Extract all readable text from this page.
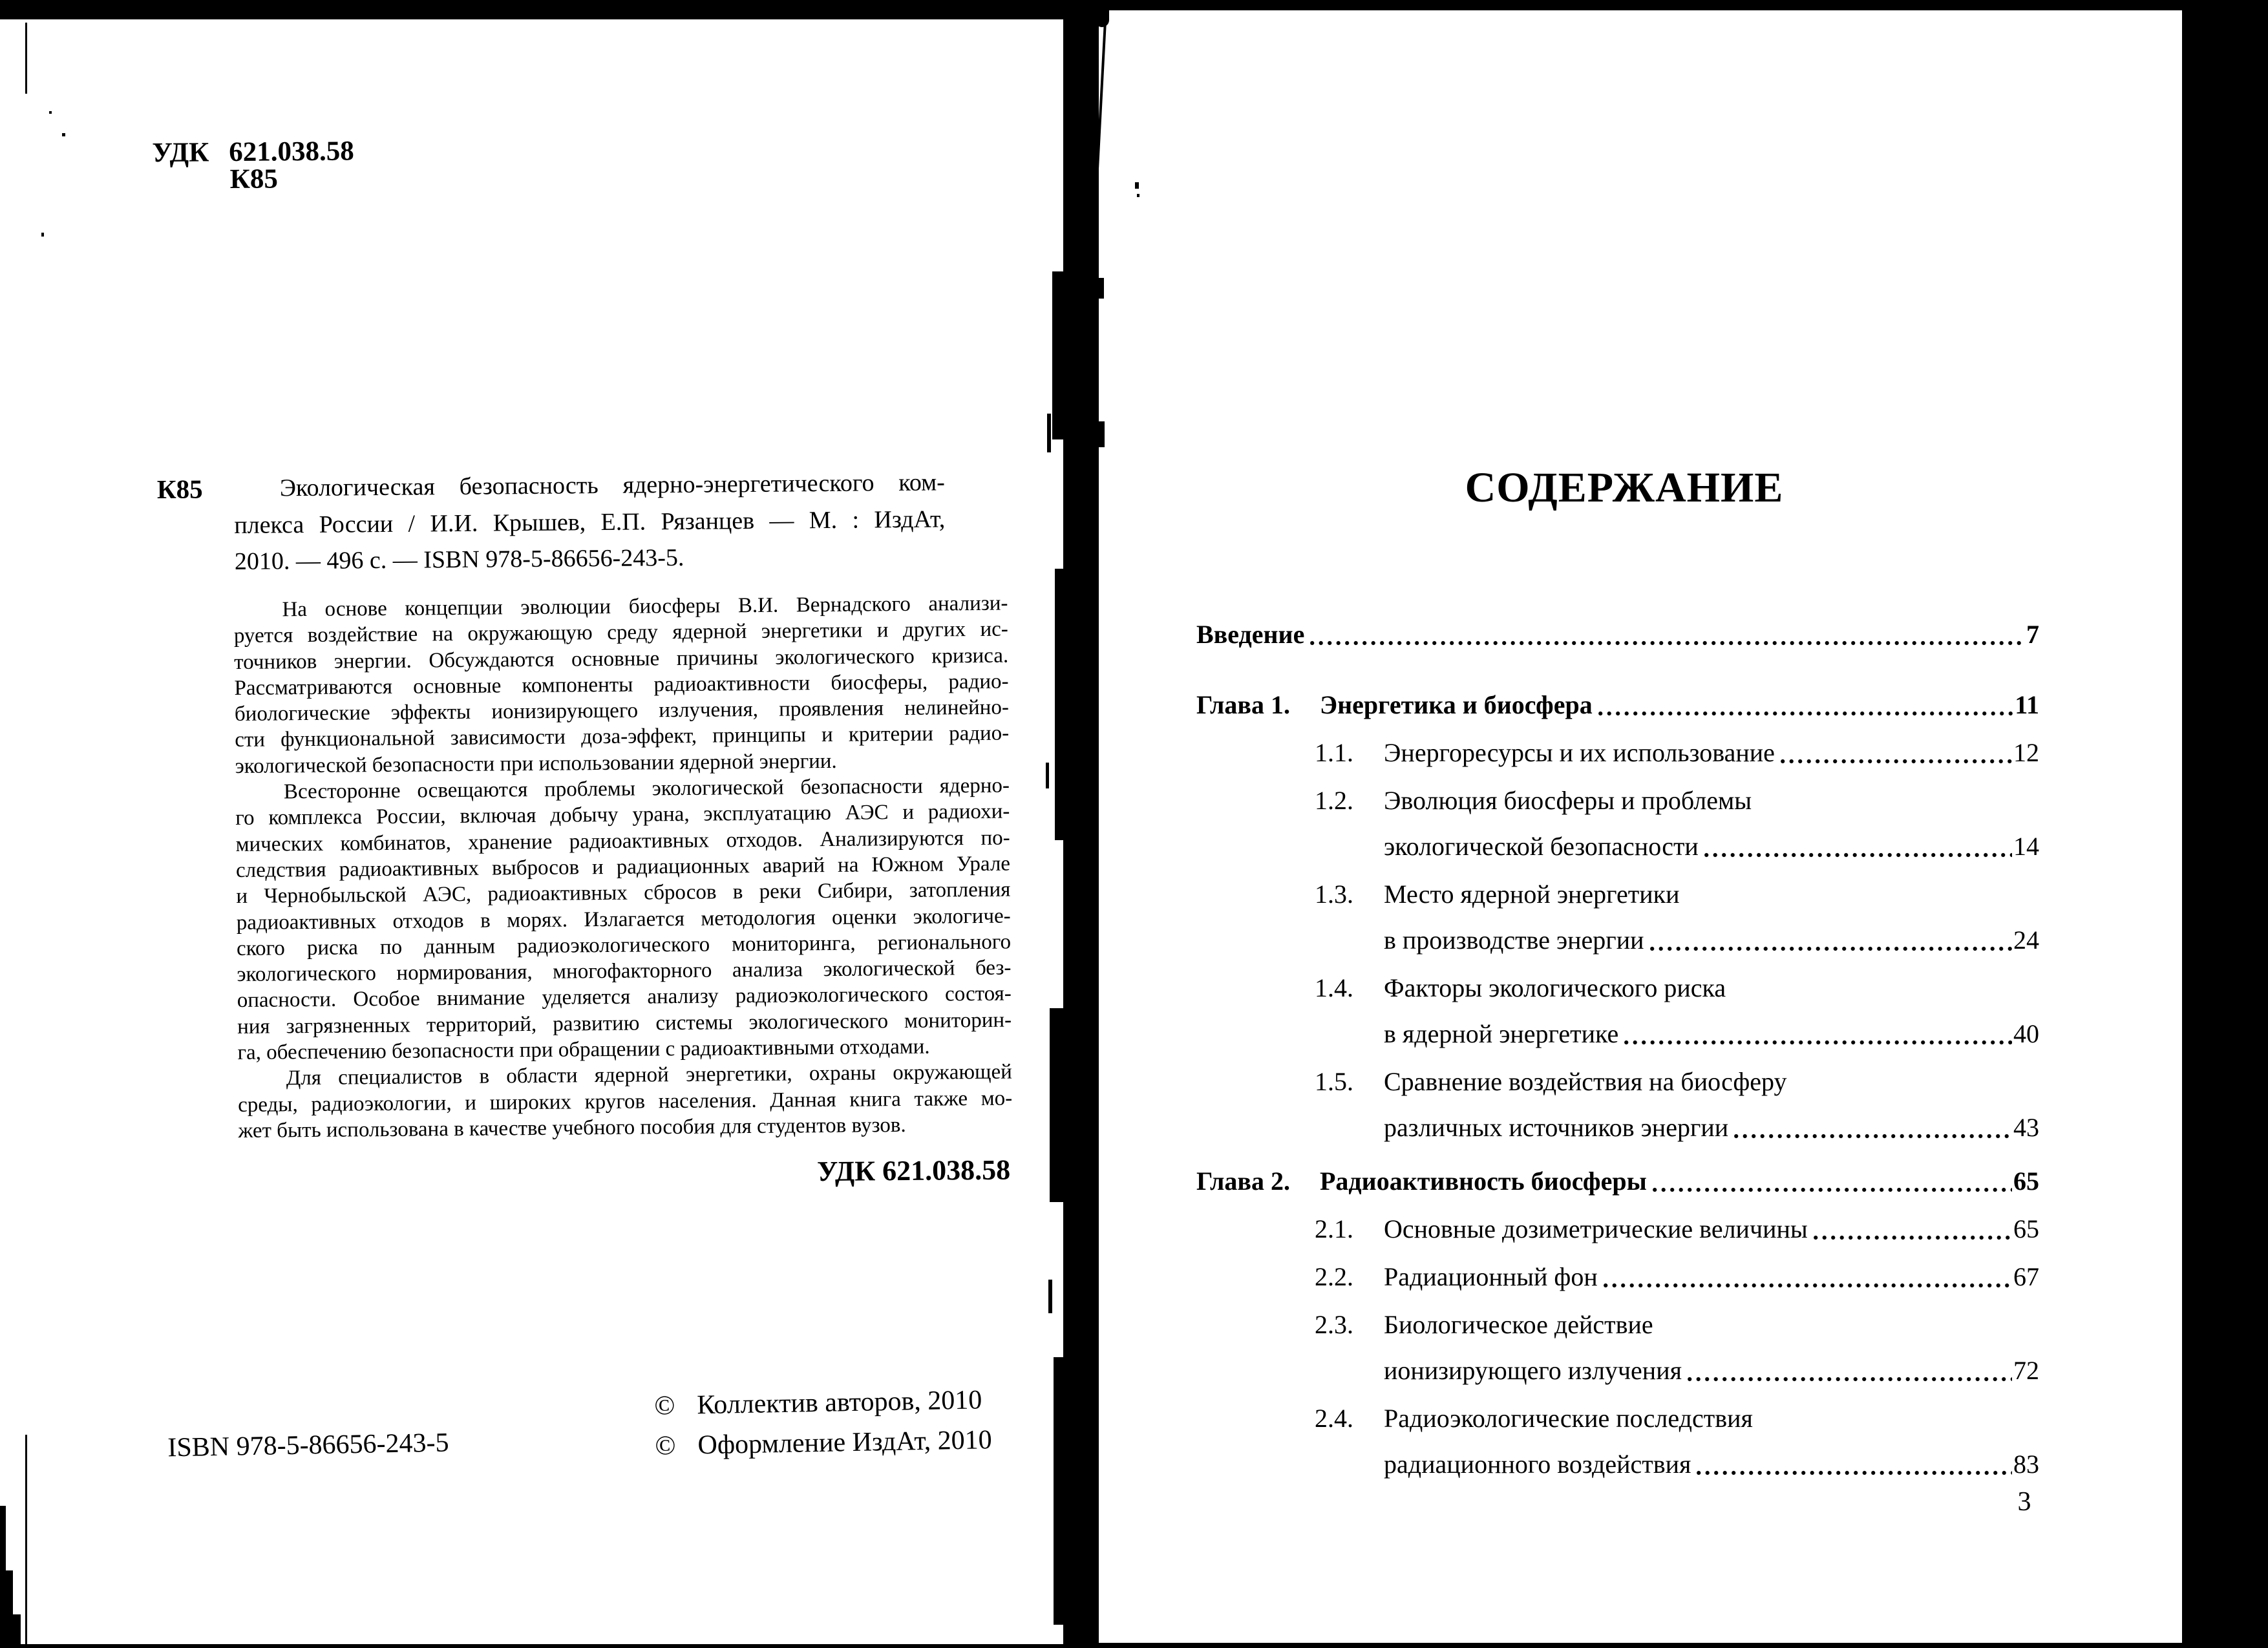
УДК 621.038.58
К85
К85	Экологическая безопасность ядерно-энергетического ком-
плекса России / И.И. Крышев, Е.П. Рязанцев — М. : ИздАт,
2010. — 496 с. — ISBN 978-5-86656-243-5.
На основе концепции эволюции биосферы В.И. Вернадского анализи-
руется воздействие на окружающую среду ядерной энергетики и других ис-
точников энергии. Обсуждаются основные причины экологического кризиса.
Рассматриваются основные компоненты радиоактивности биосферы, радио-
биологические эффекты ионизирующего излучения, проявления нелинейно-
сти функциональной зависимости доза-эффект, принципы и критерии радио-
экологической безопасности при использовании ядерной энергии.
Всесторонне освещаются проблемы экологической безопасности ядерно-
го комплекса России, включая добычу урана, эксплуатацию АЭС и радиохи-
мических комбинатов, хранение радиоактивных отходов. Анализируются по-
следствия радиоактивных выбросов и радиационных аварий на Южном Урале
и Чернобыльской АЭС, радиоактивных сбросов в реки Сибири, затопления
радиоактивных отходов в морях. Излагается методология оценки экологиче-
ского риска по данным радиоэкологического мониторинга, регионального
экологического нормирования, многофакторного анализа экологической без-
опасности. Особое внимание уделяется анализу радиоэкологического состоя-
ния загрязненных территорий, развитию системы экологического мониторин-
га, обеспечению безопасности при обращении с радиоактивными отходами.
Для специалистов в области ядерной энергетики, охраны окружающей
среды, радиоэкологии, и широких кругов населения. Данная книга также мо-
жет быть использована в качестве учебного пособия для студентов вузов.
УДК 621.038.58
ISBN 978-5-86656-243-5
© Коллектив авторов, 2010
© Оформление ИздАт, 2010
СОДЕРЖАНИЕ
Введение	7
Глава 1.	Энергетика и биосфера	11
1.1.	Энергоресурсы и их использование	12
1.2.	Эволюция биосферы и проблемы
экологической безопасности	14
1.3.	Место ядерной энергетики
в производстве энергии	24
1.4.	Факторы экологического риска
в ядерной энергетике	40
1.5.	Сравнение воздействия на биосферу
различных источников энергии	43
Глава 2.	Радиоактивность биосферы	65
2.1.	Основные дозиметрические величины	65
2.2.	Радиационный фон	67
2.3.	Биологическое действие
ионизирующего излучения	72
2.4.	Радиоэкологические последствия
радиационного воздействия	83
3
